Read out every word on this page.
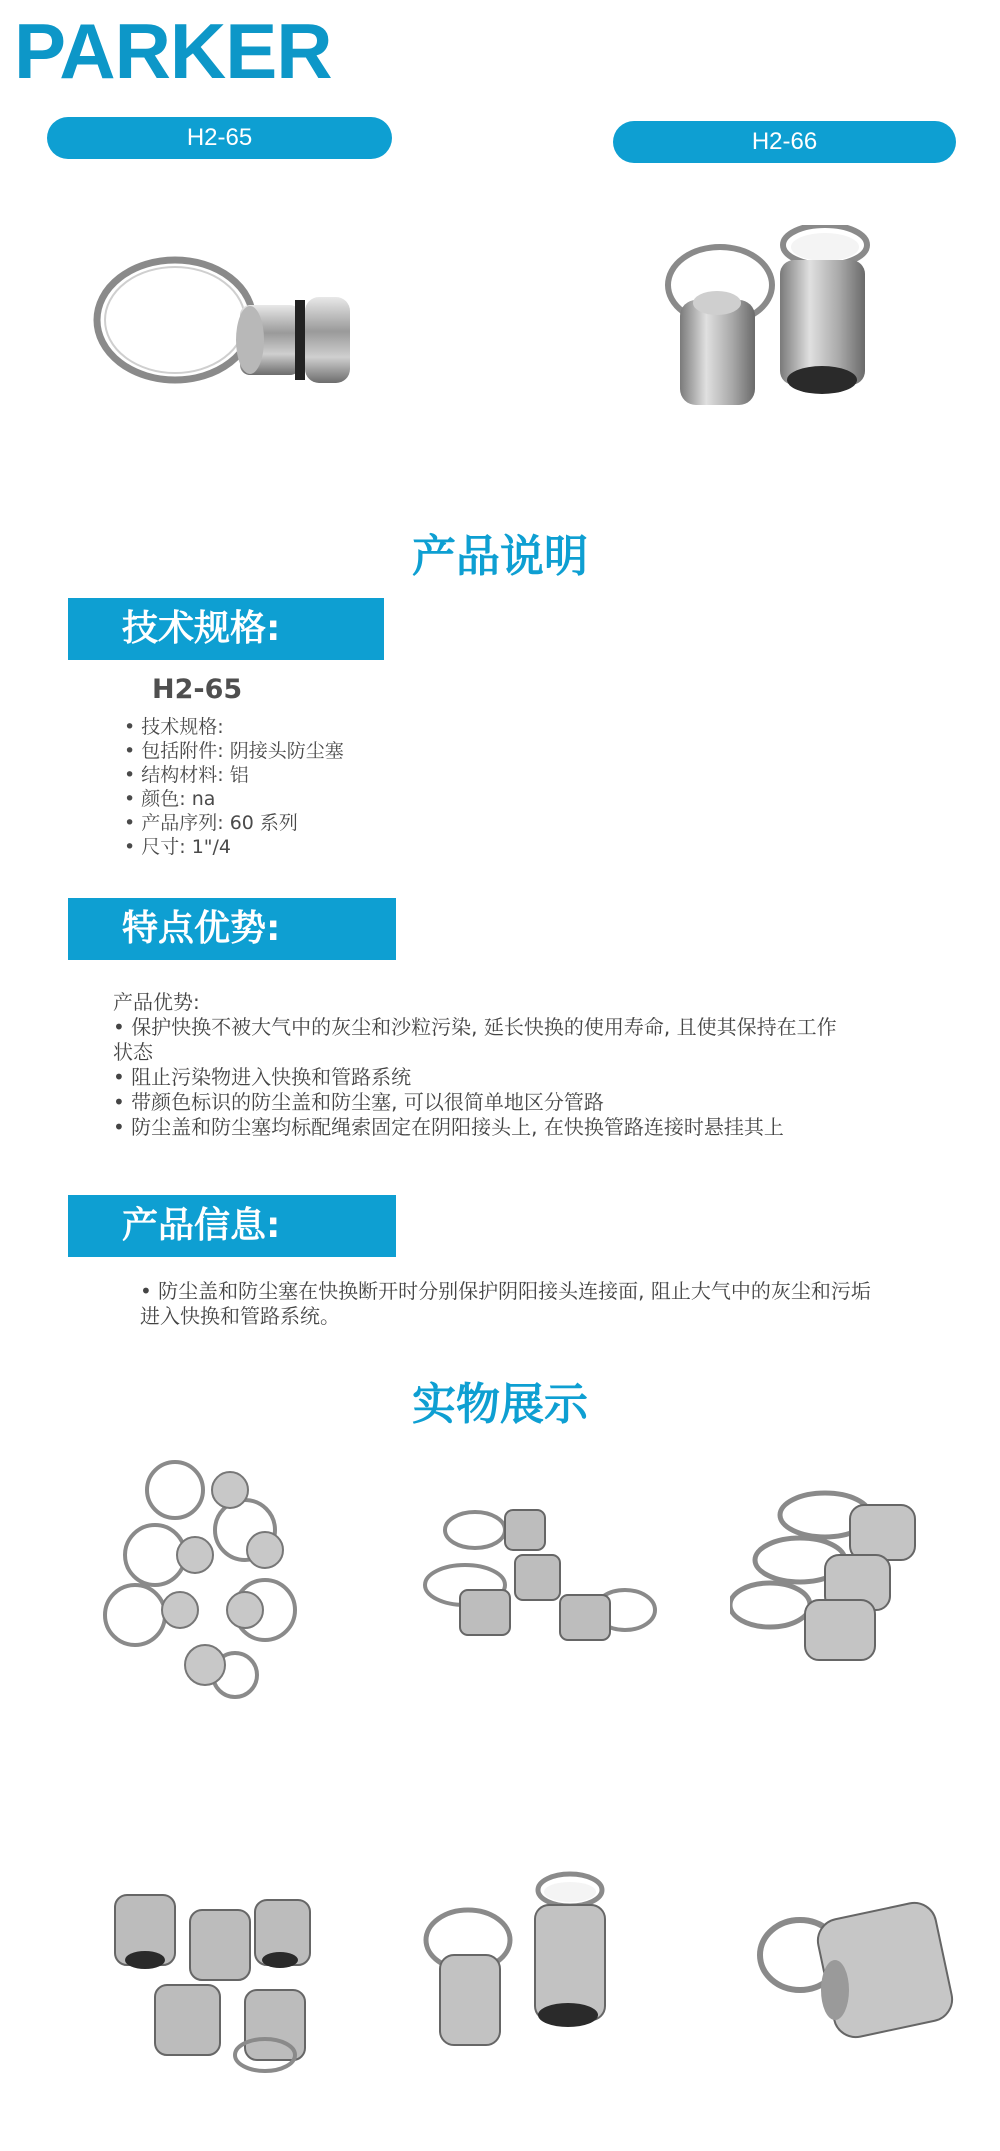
PARKER
H2-65	H2-66
产品说明
技术规格:
H2-65
• 技术规格:
• 包括附件: 阴接头防尘塞
• 结构材料: 铝
• 颜色: na
• 产品序列: 60 系列
• 尺寸: 1"/4
特点优势:
产品优势:
• 保护快换不被大气中的灰尘和沙粒污染, 延长快换的使用寿命, 且使其保持在工作状态
• 阻止污染物进入快换和管路系统
• 带颜色标识的防尘盖和防尘塞, 可以很简单地区分管路
• 防尘盖和防尘塞均标配绳索固定在阴阳接头上, 在快换管路连接时悬挂其上
产品信息:
• 防尘盖和防尘塞在快换断开时分别保护阴阳接头连接面, 阻止大气中的灰尘和污垢进入快换和管路系统。
实物展示
